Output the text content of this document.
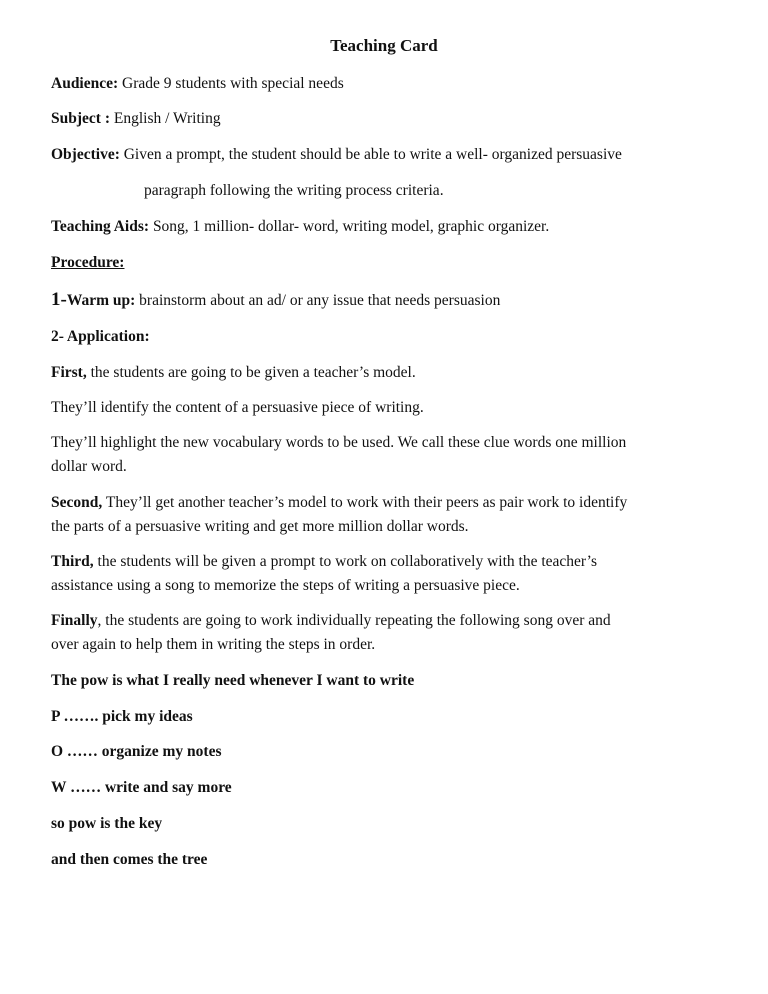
Teaching Card
Audience: Grade 9 students with special needs
Subject : English / Writing
Objective: Given a prompt, the student should be able to write a well- organized persuasive
paragraph following the writing process criteria.
Teaching Aids: Song, 1 million- dollar- word, writing model, graphic organizer.
Procedure:
1-Warm up: brainstorm about an ad/ or any issue that needs persuasion
2- Application:
First, the students are going to be given a teacher’s model.
They’ll identify the content of a persuasive piece of writing.
They’ll highlight the new vocabulary words to be used. We call these clue words one million
dollar word.
Second, They’ll get another teacher’s model to work with their peers as pair work to identify
the parts of a persuasive writing and get more million dollar words.
Third, the students will be given a prompt to work on collaboratively with the teacher’s
assistance using a song to memorize the steps of writing a persuasive piece.
Finally, the students are going to work individually repeating the following song over and
over again to help them in writing the steps in order.
The pow is what I really need whenever I want to write
P ……. pick my ideas
O …… organize my notes
W …… write and say more
so pow is the key
and then comes the tree
